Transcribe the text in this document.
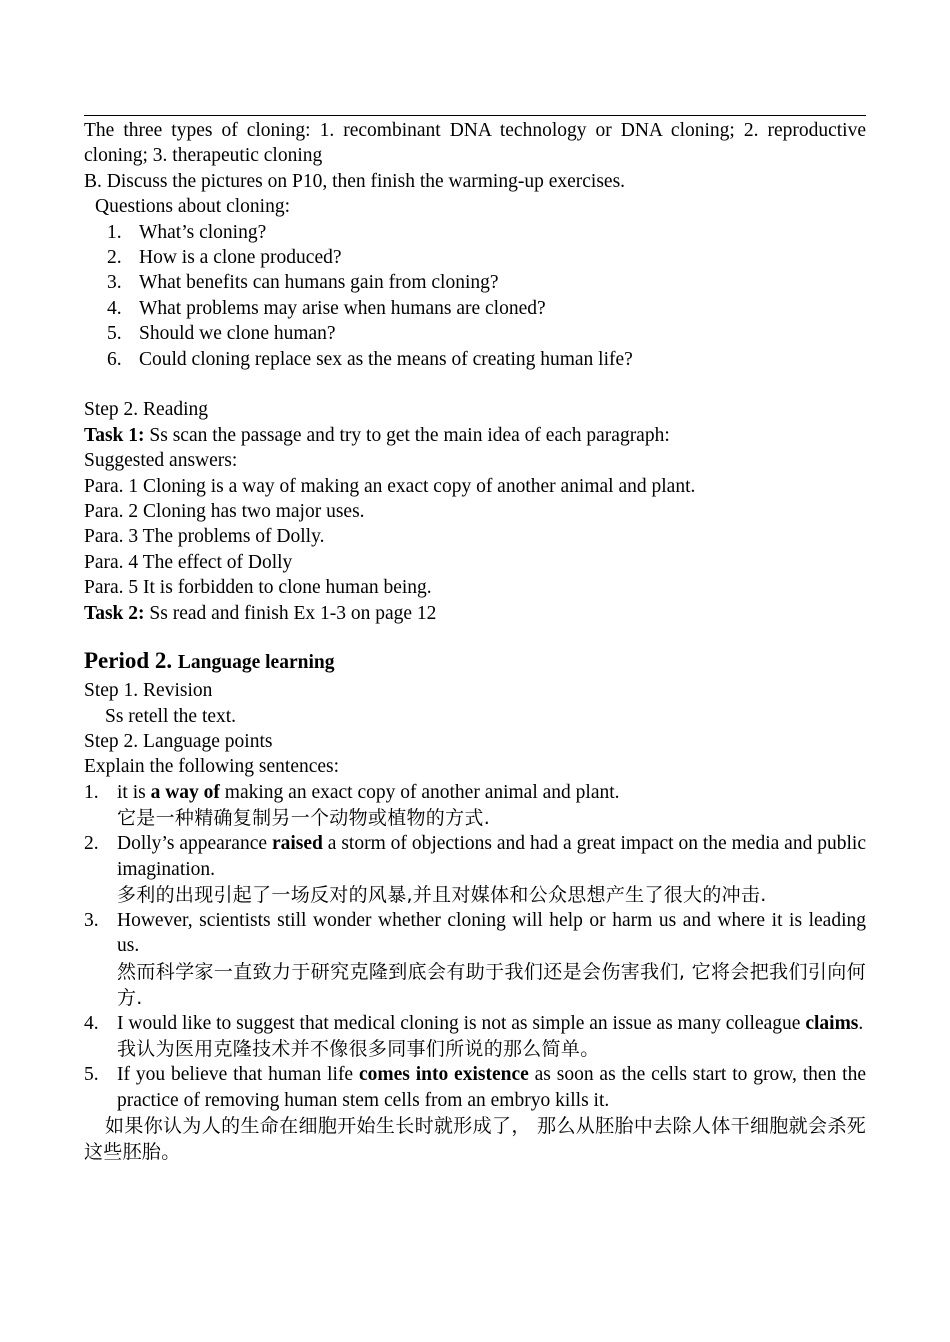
The three types of cloning: 1. recombinant DNA technology or DNA cloning; 2. reproductive cloning; 3. therapeutic cloning

B. Discuss the pictures on P10, then finish the warming-up exercises.

Questions about cloning:

1. What’s cloning?
2. How is a clone produced?
3. What benefits can humans gain from cloning?
4. What problems may arise when humans are cloned?
5. Should we clone human?
6. Could cloning replace sex as the means of creating human life?

Step 2. Reading

Task 1: Ss scan the passage and try to get the main idea of each paragraph:

Suggested answers:

Para. 1 Cloning is a way of making an exact copy of another animal and plant.

Para. 2 Cloning has two major uses.

Para. 3 The problems of Dolly.

Para. 4 The effect of Dolly

Para. 5 It is forbidden to clone human being.

Task 2: Ss read and finish Ex 1-3 on page 12

Period 2. Language learning

Step 1. Revision

Ss retell the text.

Step 2. Language points

Explain the following sentences:

1. it is a way of making an exact copy of another animal and plant.

它是一种精确复制另一个动物或植物的方式.

2. Dolly’s appearance raised a storm of objections and had a great impact on the media and public imagination.

多利的出现引起了一场反对的风暴,并且对媒体和公众思想产生了很大的冲击.

3. However, scientists still wonder whether cloning will help or harm us and where it is leading us.

然而科学家一直致力于研究克隆到底会有助于我们还是会伤害我们, 它将会把我们引向何方.

4. I would like to suggest that medical cloning is not as simple an issue as many colleague claims.

我认为医用克隆技术并不像很多同事们所说的那么简单。

5. If you believe that human life comes into existence as soon as the cells start to grow, then the practice of removing human stem cells from an embryo kills it.

如果你认为人的生命在细胞开始生长时就形成了， 那么从胚胎中去除人体干细胞就会杀死这些胚胎。
